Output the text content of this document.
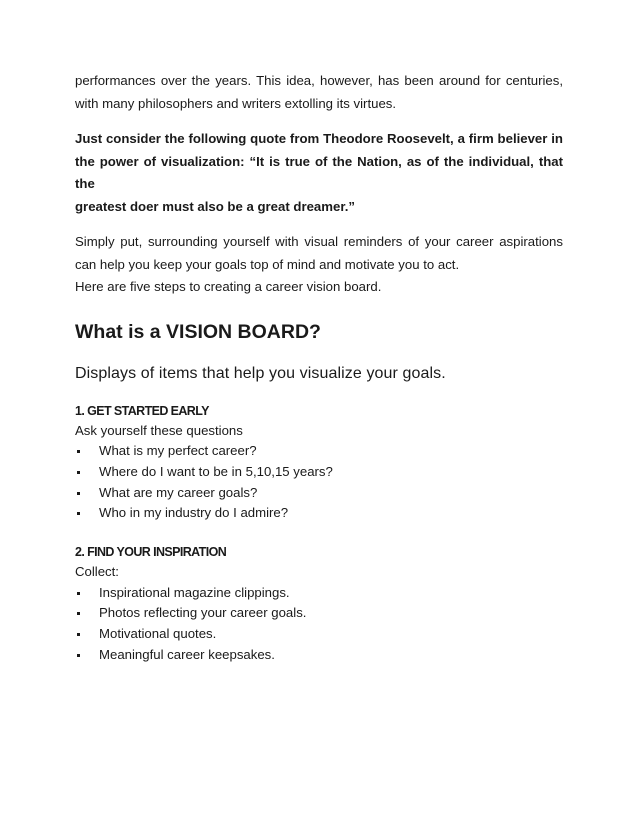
performances over the years. This idea, however, has been around for centuries,
with many philosophers and writers extolling its virtues.

Just consider the following quote from Theodore Roosevelt, a firm believer in
the power of visualization: “It is true of the Nation, as of the individual, that the
greatest doer must also be a great dreamer.”

Simply put, surrounding yourself with visual reminders of your career aspirations
can help you keep your goals top of mind and motivate you to act.
Here are five steps to creating a career vision board.

What is a VISION BOARD?

Displays of items that help you visualize your goals.

1. GET STARTED EARLY

Ask yourself these questions

What is my perfect career?
Where do I want to be in 5,10,15 years?
What are my career goals?
Who in my industry do I admire?

2. FIND YOUR INSPIRATION

Collect:

Inspirational magazine clippings.
Photos reflecting your career goals.
Motivational quotes.
Meaningful career keepsakes.
